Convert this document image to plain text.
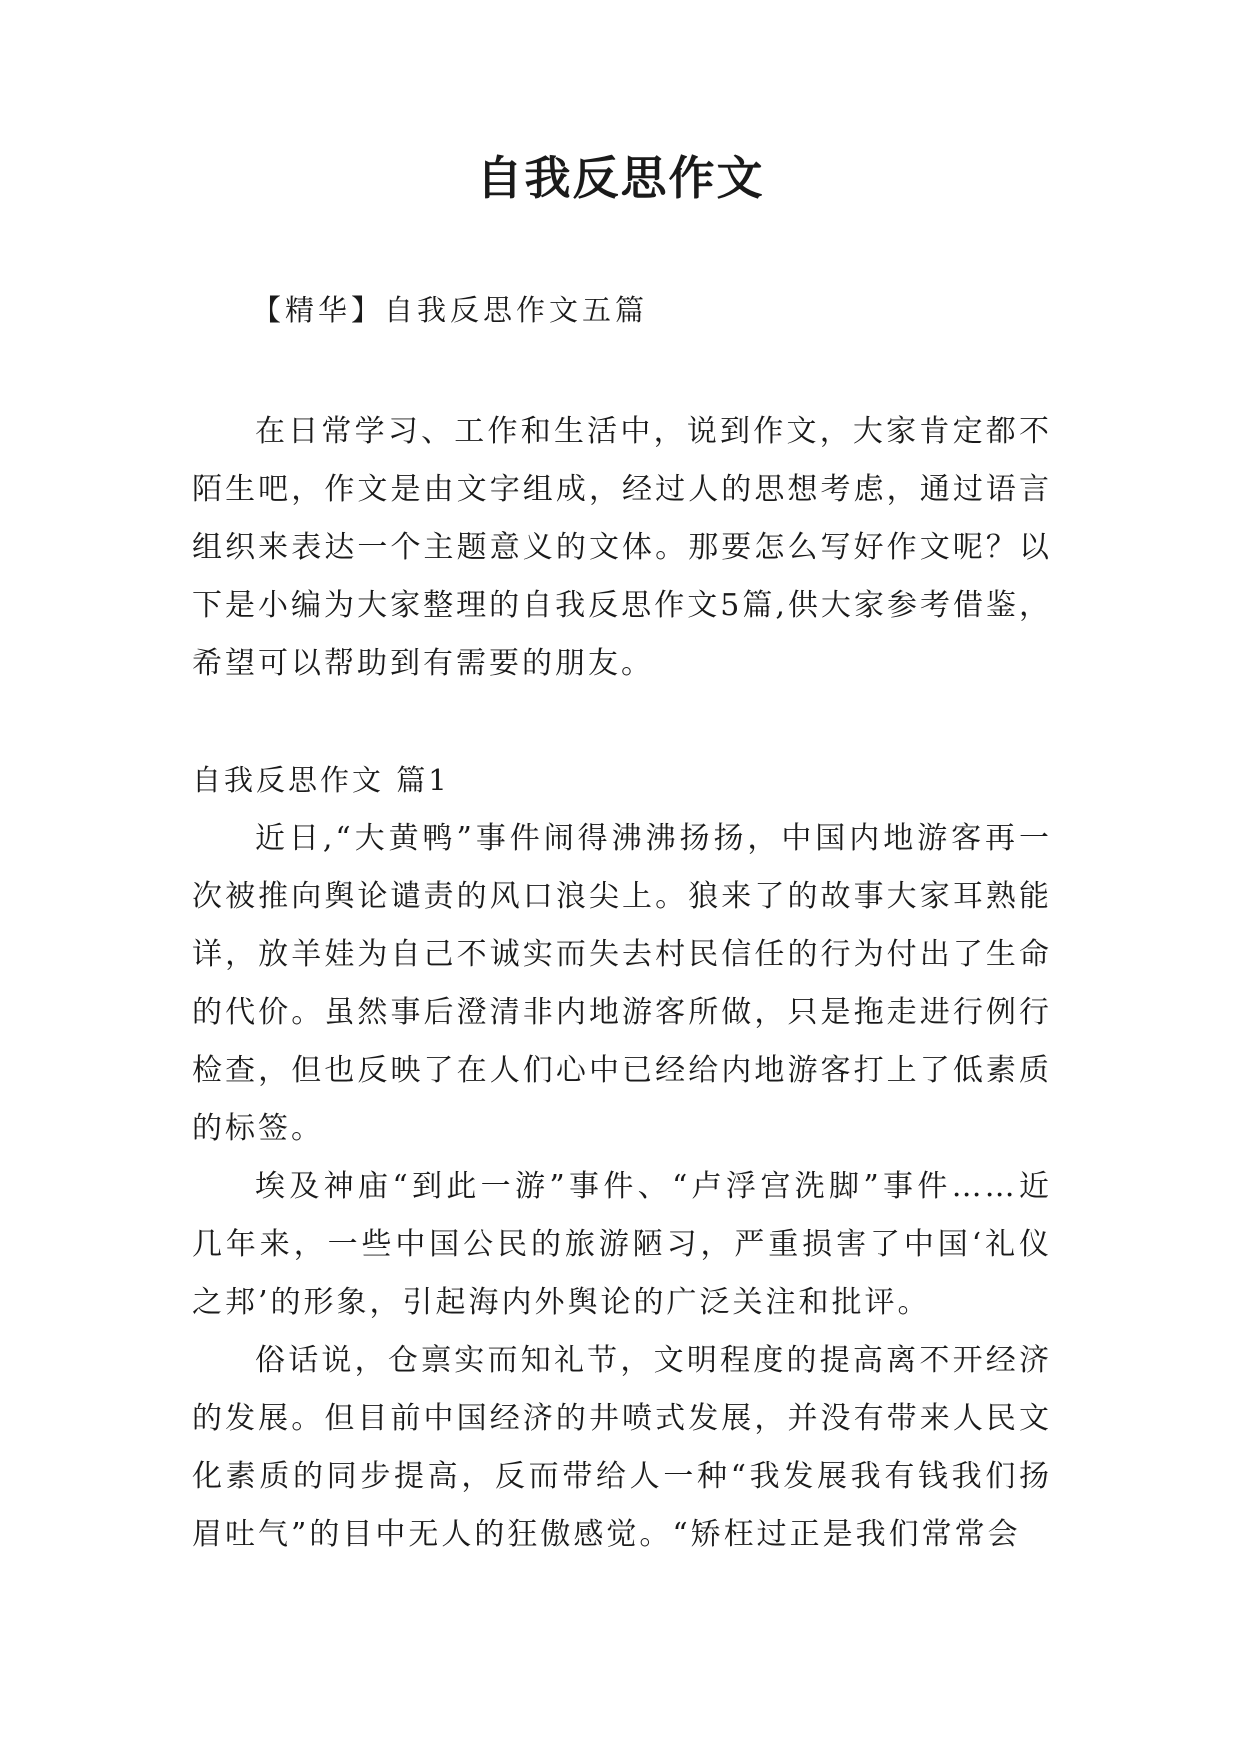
自我反思作文
【精华】自我反思作文五篇

在日常学习、工作和生活中，说到作文，大家肯定都不陌生吧，作文是由文字组成，经过人的思想考虑，通过语言组织来表达一个主题意义的文体。那要怎么写好作文呢？以下是小编为大家整理的自我反思作文5篇,供大家参考借鉴，希望可以帮助到有需要的朋友。

自我反思作文 篇1

近日,“大黄鸭”事件闹得沸沸扬扬，中国内地游客再一次被推向舆论谴责的风口浪尖上。狼来了的故事大家耳熟能详，放羊娃为自己不诚实而失去村民信任的行为付出了生命的代价。虽然事后澄清非内地游客所做，只是拖走进行例行检查，但也反映了在人们心中已经给内地游客打上了低素质的标签。

埃及神庙“到此一游”事件、“卢浮宫洗脚”事件……近几年来，一些中国公民的旅游陋习，严重损害了中国‘礼仪之邦’的形象，引起海内外舆论的广泛关注和批评。

俗话说，仓禀实而知礼节，文明程度的提高离不开经济的发展。但目前中国经济的井喷式发展，并没有带来人民文化素质的同步提高，反而带给人一种“我发展我有钱我们扬眉吐气”的目中无人的狂傲感觉。“矫枉过正是我们常常会
